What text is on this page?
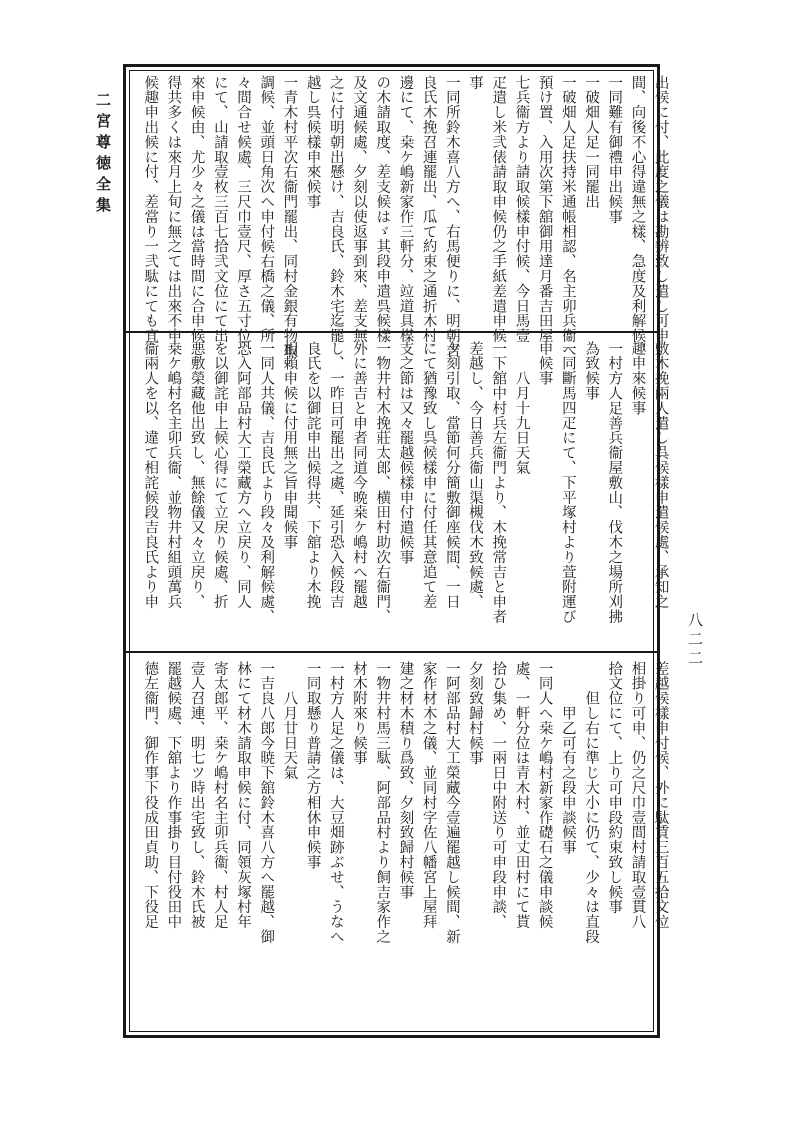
二宮尊徳全集
八二二
出候に付、此度之儀は勘辨致し遣し可申
間、向後不心得違無之樣、急度及利解候、
一同難有御禮申出候事
一破畑人足一同罷出
一破畑人足扶持米通帳相認、名主卯兵衞へ
預け置、入用次第下舘御用達月番吉田屋
七兵衞方より請取候樣申付候、今日馬壹
疋遣し米弐俵請取申候仍之手紙差遣申候
事
一同所鈴木喜八方へ、右馬便りに、明朝吉
良氏木挽召連罷出、瓜て約束之通折木村
邊にて、桒ケ嶋新家作三軒分、竝道具楳
の木請取度、差支候はゞ其段申遣呉候樣
及文通候處、夕刻以使返事到來、差支無
之に付明朝出懸け、吉良氏、鈴木宅迄罷
越し呉候樣申來候事
一青木村平次右衞門罷出、同村金銀有物取
調候、並頭日角次へ申付候右橋之儀、所
々間合せ候處、三尺巾壹尺、厚さ五寸位
にて、山請取壹枚三百七拾弐文位にて出
來申候由、尤少々之儀は當時間に合申候
得共多くは來月上旬に無之ては出來不申
候趣申出候に付、差當り一弐駄にても宜
敷木挽兩人遣し呉候樣申遣候處、承知之
趣申來候事
一村方人足善兵衞屋敷山、伐木之場所刈拂
為致候事
一同斷馬四疋にて、下平塚村より萱附運び
申候事
　　八月十九日天氣
一下舘中村兵左衞門より、木挽常吉と申者
差越し、今日善兵衞山渠槻伐木致候處、
夕刻引取、當節何分簡敷御座候間、一日
にて猶豫致し呉候樣申に付任其意追て差
支之節は又々罷越候樣申付遣候事
一物井村木挽莊太郎、横田村助次右衞門、
外に善吉と申者同道今晩桒ケ嶋村へ罷越
し、一昨日可罷出之處、延引恐入候段吉
良氏を以御詫申出候得共、下舘より木挽
相賴申候に付用無之旨申聞候事
一同人共儀、吉良氏より段々及利解候處、
恐入阿部品村大工榮藏方へ立戻り、同人
を以御詫申上候心得にて立戻り候處、折
悪敷榮藏他出致し、無餘儀又々立戻り、
桒ケ嶋村名主卯兵衞、並物井村組頭萬兵
衞兩人を以、違て相詫候段吉良氏より申
差越候樣申付候、外に駄賃三百五拾文位
相掛り可申、仍之尺巾壹間村請取壹貫八
拾文位にて、上り可申段約束致し候事
　　但し右に準じ大小に仍て、少々は直段
　　　甲乙可有之段申談候事
一同人へ桒ケ嶋村新家作礎石之儀申談候
處、一軒分位は青木村、並丈田村にて貰
拾ひ集め、一兩日中附送り可申段申談、
夕刻致歸村候事
一阿部品村大工榮藏今壹遍罷越し候間、新
家作材木之儀、並同村字佐八幡宮上屋拜
建之材木積り爲致、夕刻致歸村候事
一物井村馬三駄、阿部品村より飼吉家作之
材木附來り候事
一村方人足之儀は、大豆畑跡ぶせ、うなへ
一同取懸り普請之方相休申候事
　　八月廿日天氣
一吉良八郎今暁下舘鈴木喜八方へ罷越、御
林にて材木請取申候に付、同領灰塚村年
寄太郎平、桒ケ嶋村名主卯兵衞、村人足
壹人召連、明七ツ時出宅致し、鈴木氏被
罷越候處、下舘より作事掛り目付役田中
德左衞門、御作事下役成田貞助、下役足
